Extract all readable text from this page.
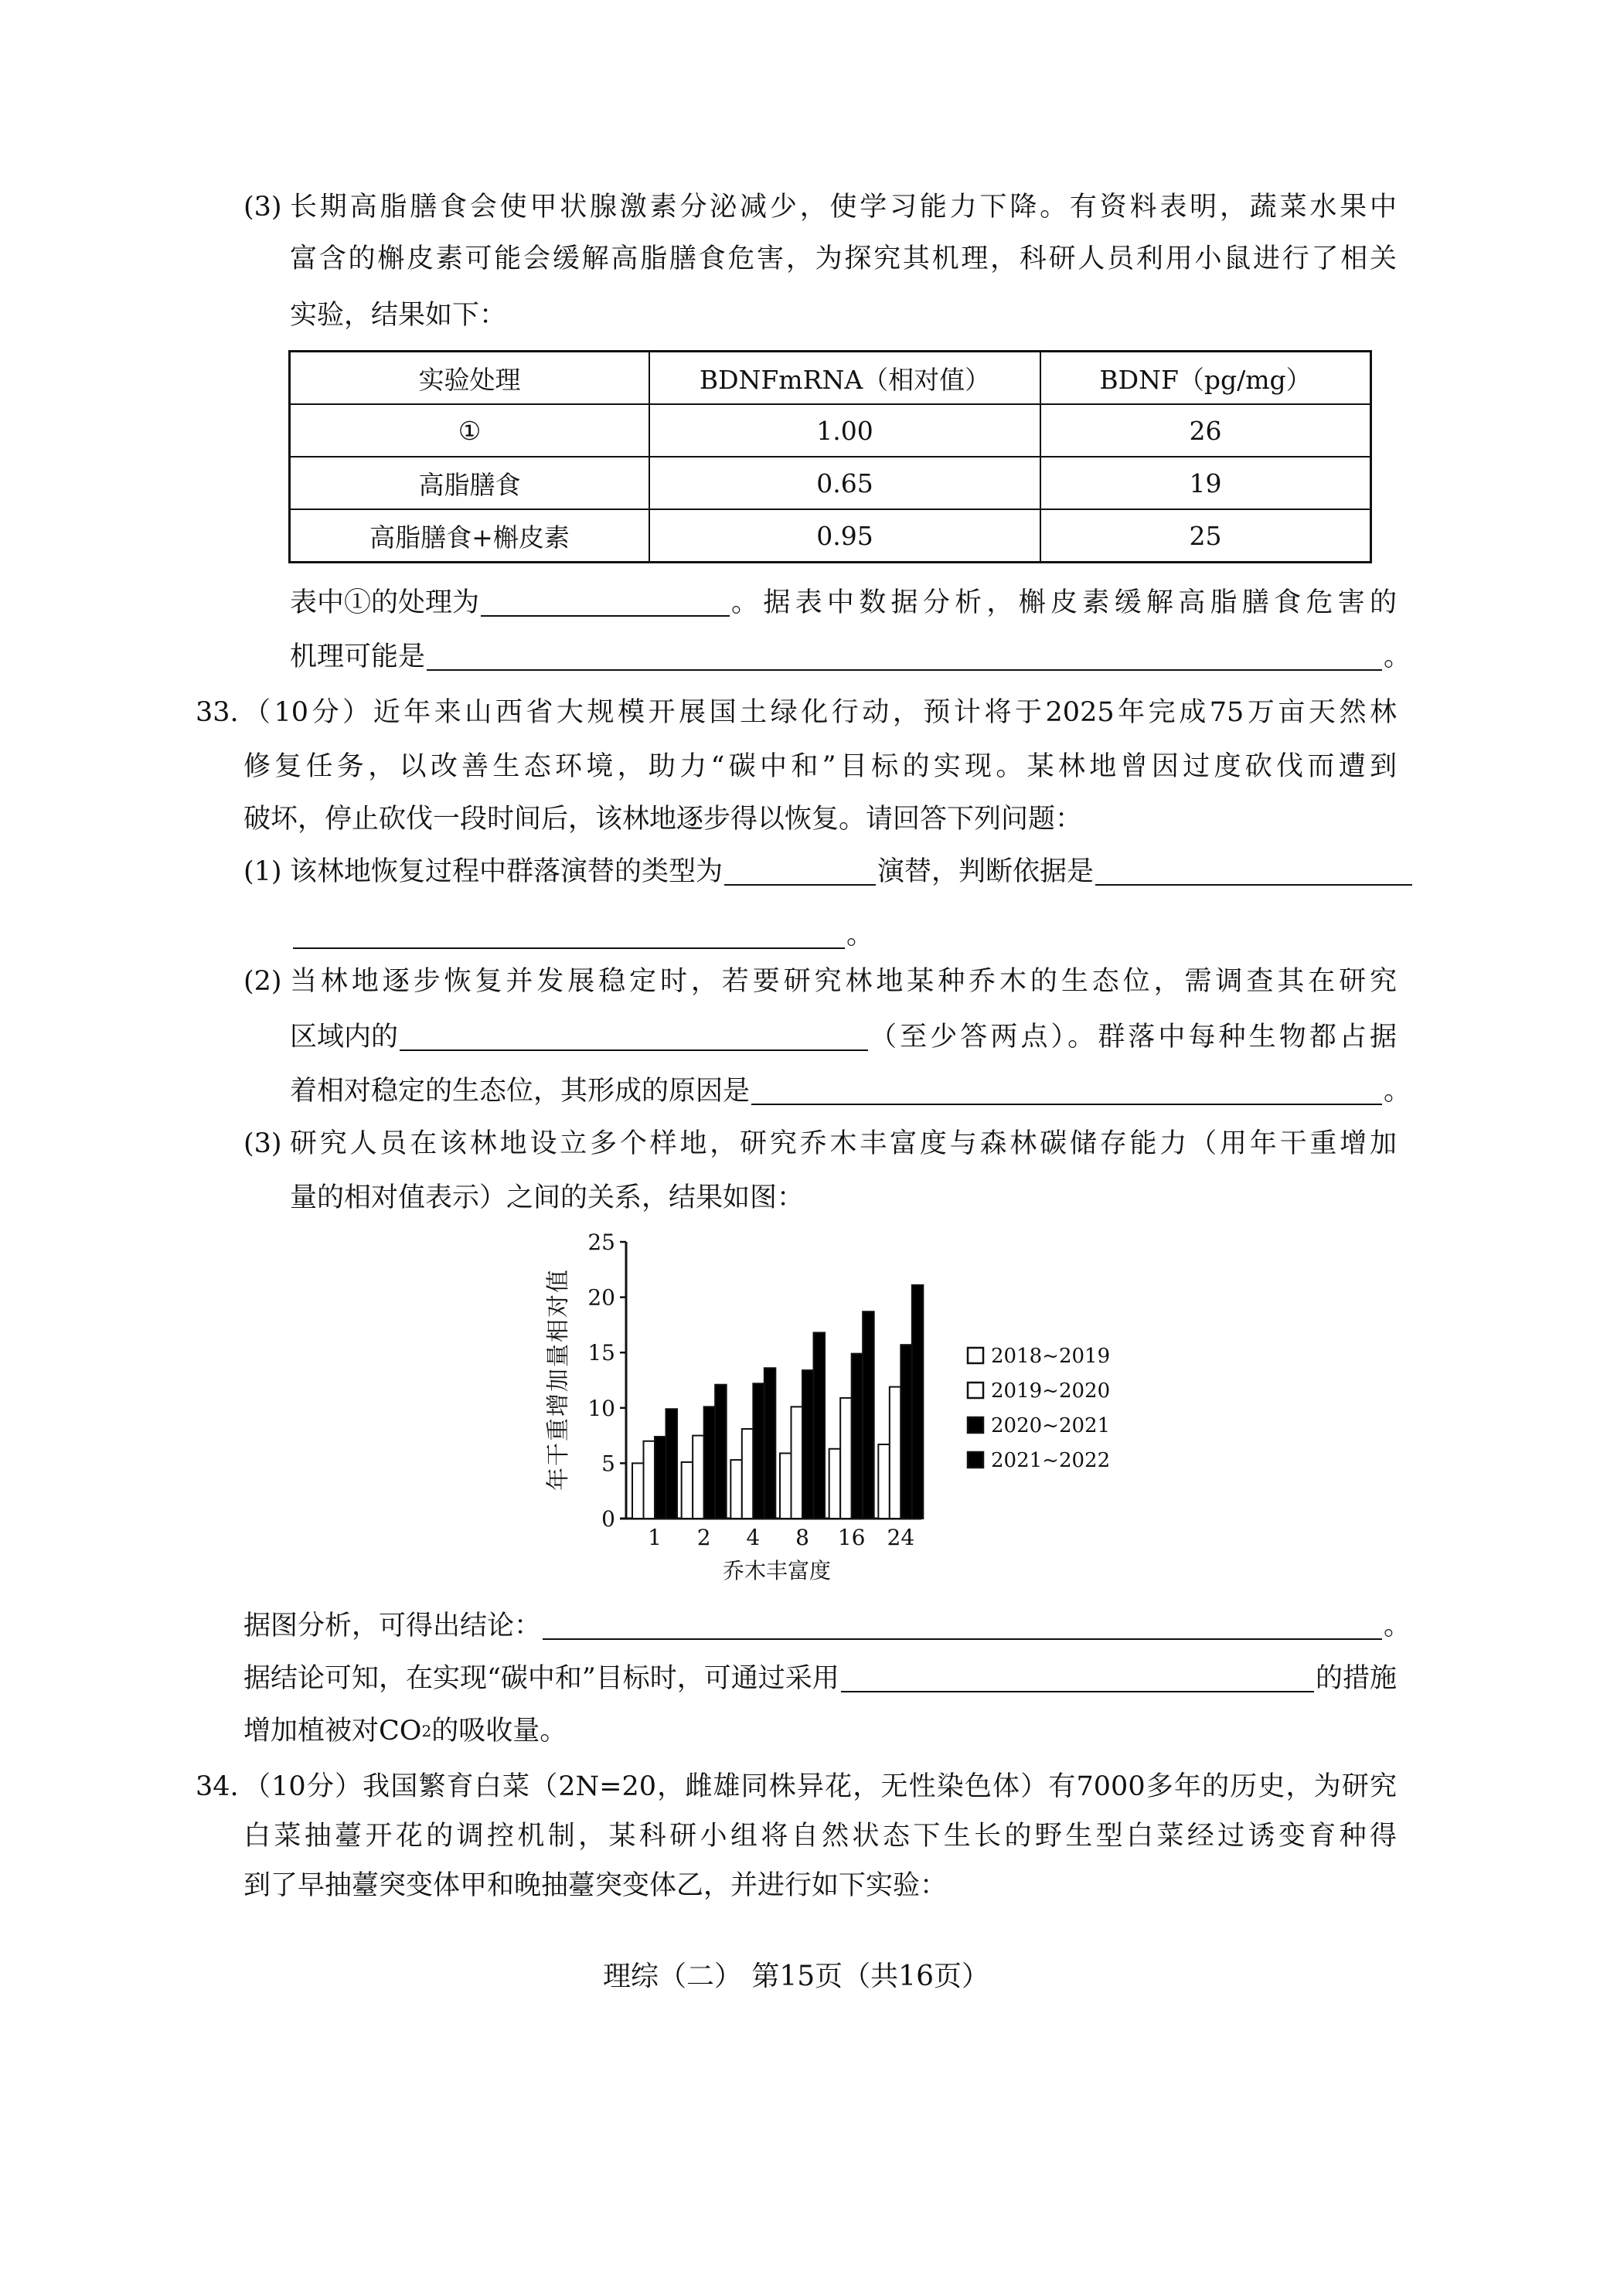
(3) 长期高脂膳食会使甲状腺激素分泌减少，使学习能力下降。有资料表明，蔬菜水果中
富含的槲皮素可能会缓解高脂膳食危害，为探究其机理，科研人员利用小鼠进行了相关
实验，结果如下：
实验处理	BDNFmRNA（相对值）	BDNF（pg/mg）
①	1.00	26
高脂膳食	0.65	19
高脂膳食+槲皮素	0.95	25
表中①的处理为	。据表中数据分析，槲皮素缓解高脂膳食危害的
机理可能是	。
33. （10分）近年来山西省大规模开展国土绿化行动，预计将于2025年完成75万亩天然林
修复任务，以改善生态环境，助力“碳中和”目标的实现。某林地曾因过度砍伐而遭到
破坏，停止砍伐一段时间后，该林地逐步得以恢复。请回答下列问题：
(1) 该林地恢复过程中群落演替的类型为	演替，判断依据是
。
(2) 当林地逐步恢复并发展稳定时，若要研究林地某种乔木的生态位，需调查其在研究
区域内的	（至少答两点）。群落中每种生物都占据
着相对稳定的生态位，其形成的原因是	。
(3) 研究人员在该林地设立多个样地，研究乔木丰富度与森林碳储存能力（用年干重增加
量的相对值表示）之间的关系，结果如图：
年干重增加量相对值
1 2 4 8 16 24
0
5
10
15
20
25
乔木丰富度
2018~2019
2019~2020
2020~2021
2021~2022
据图分析，可得出结论：	。
据结论可知，在实现“碳中和”目标时，可通过采用	的措施
增加植被对CO 2 的吸收量。
34. （10分）我国繁育白菜（2N=20，雌雄同株异花，无性染色体）有7000多年的历史，为研究
白菜抽薹开花的调控机制，某科研小组将自然状态下生长的野生型白菜经过诱变育种得
到了早抽薹突变体甲和晚抽薹突变体乙，并进行如下实验：
理综（二） 第15页（共16页）
